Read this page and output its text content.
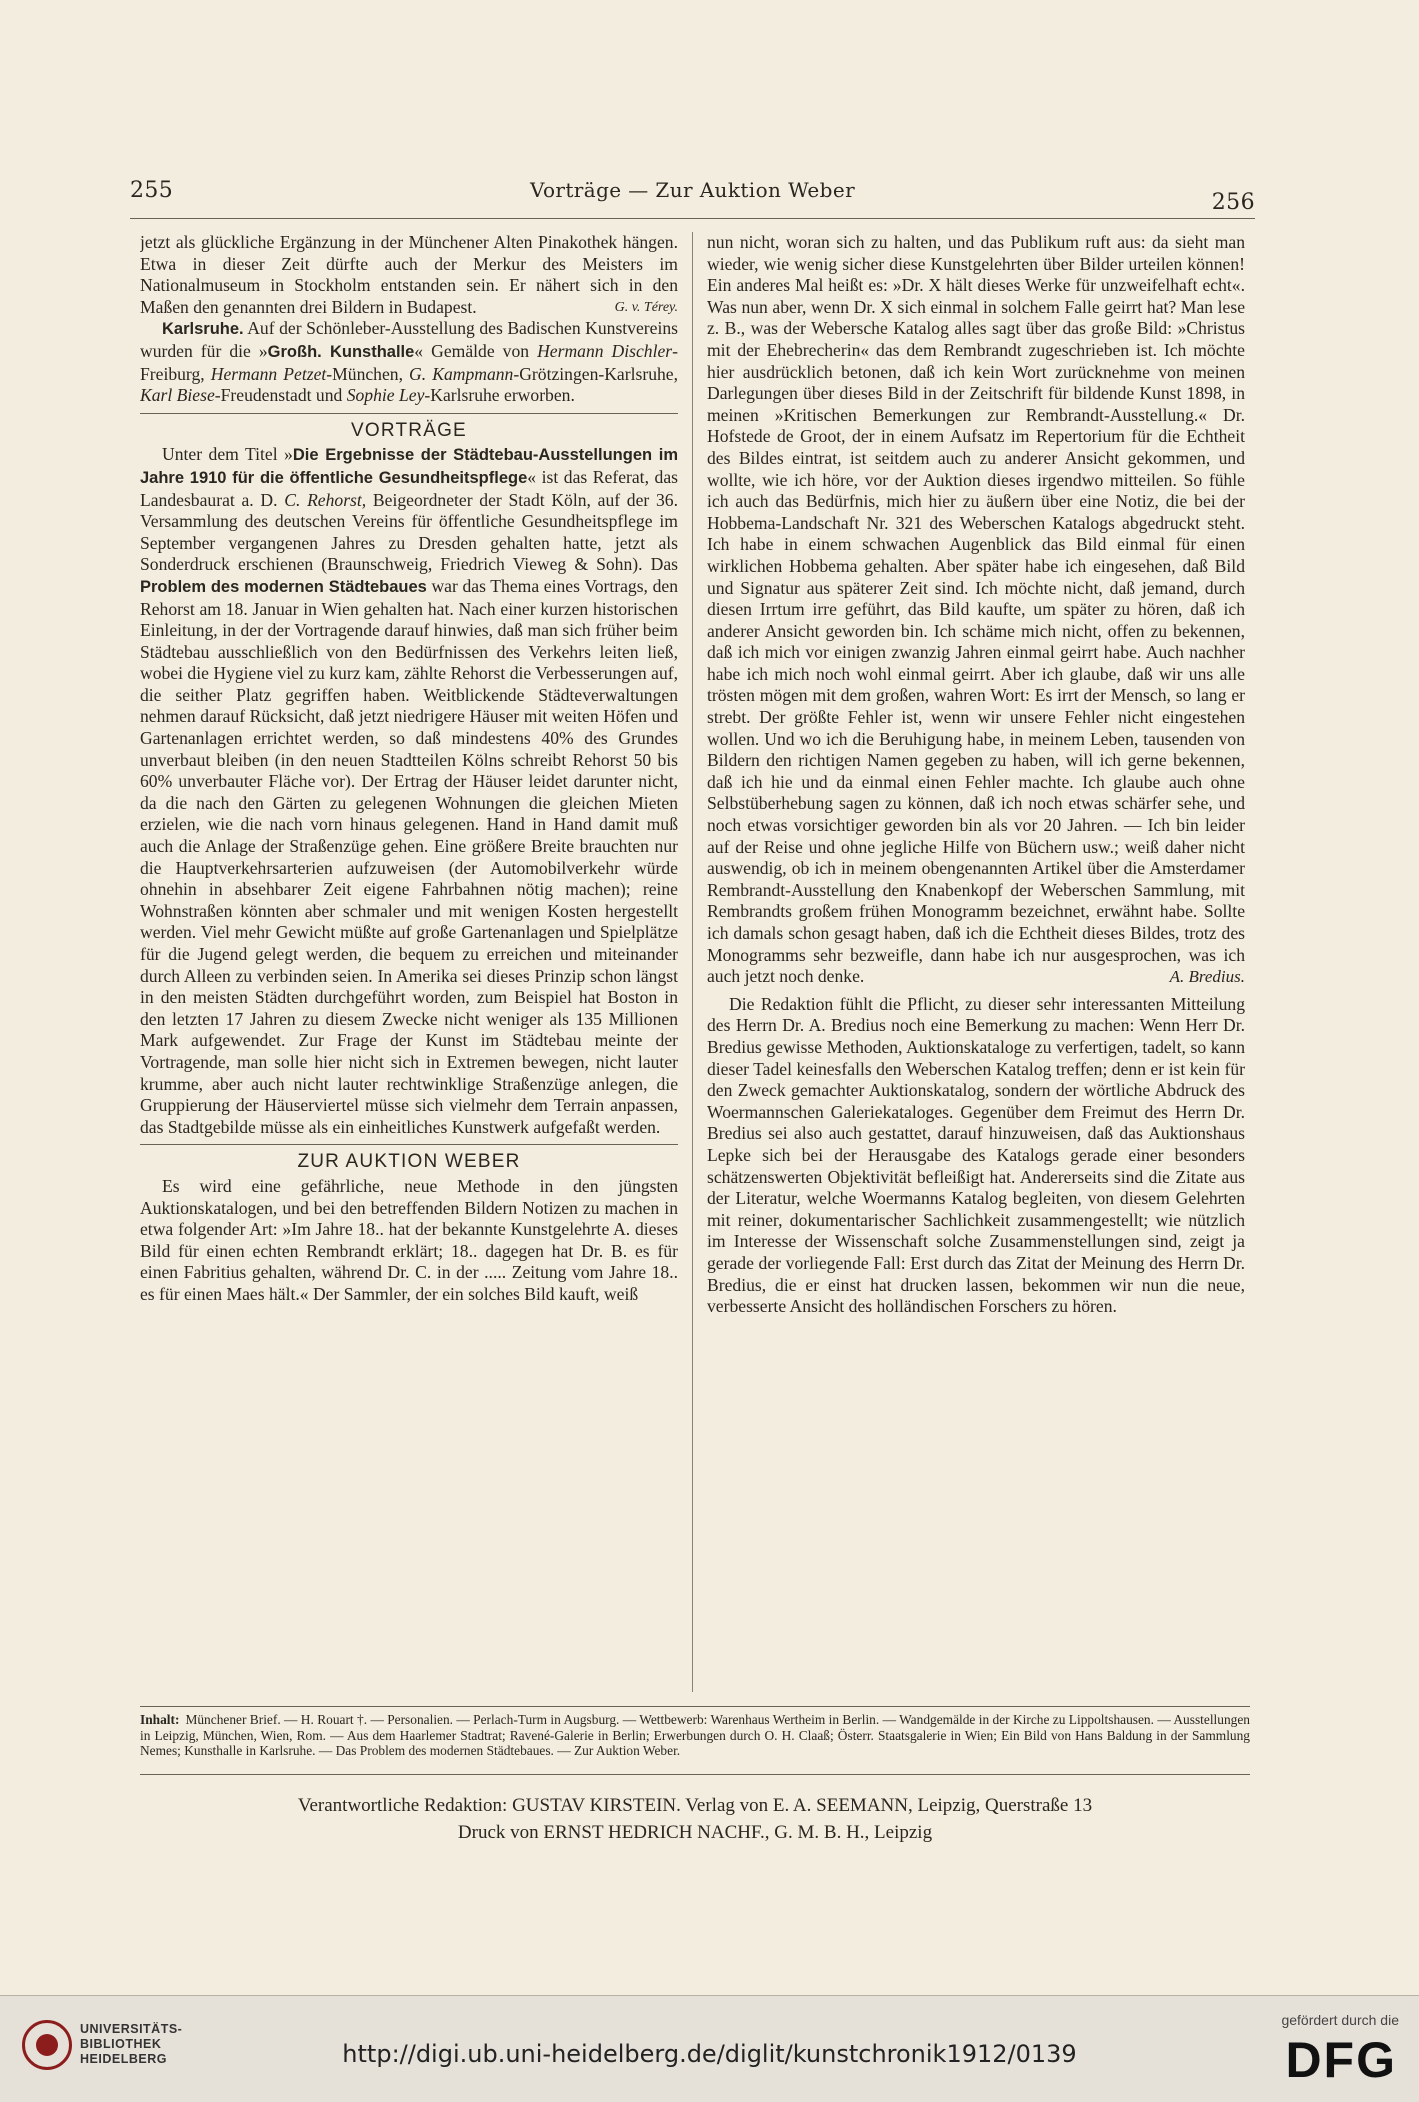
255	Vorträge — Zur Auktion Weber	256

jetzt als glückliche Ergänzung in der Münchener Alten Pinakothek hängen. Etwa in dieser Zeit dürfte auch der Merkur des Meisters im Nationalmuseum in Stockholm entstanden sein. Er nähert sich in den Maßen den genannten drei Bildern in Budapest.	G. v. Térey.

Karlsruhe. Auf der Schönleber-Ausstellung des Badischen Kunstvereins wurden für die »Großh. Kunsthalle« Gemälde von Hermann Dischler-Freiburg, Hermann Petzet-München, G. Kampmann-Grötzingen-Karlsruhe, Karl Biese-Freudenstadt und Sophie Ley-Karlsruhe erworben.

VORTRÄGE

Unter dem Titel »Die Ergebnisse der Städtebau-Ausstellungen im Jahre 1910 für die öffentliche Gesundheitspflege« ist das Referat, das Landesbaurat a. D. C. Rehorst, Beigeordneter der Stadt Köln, auf der 36. Versammlung des deutschen Vereins für öffentliche Gesundheitspflege im September vergangenen Jahres zu Dresden gehalten hatte, jetzt als Sonderdruck erschienen (Braunschweig, Friedrich Vieweg & Sohn). Das Problem des modernen Städtebaues war das Thema eines Vortrags, den Rehorst am 18. Januar in Wien gehalten hat. Nach einer kurzen historischen Einleitung, in der der Vortragende darauf hinwies, daß man sich früher beim Städtebau ausschließlich von den Bedürfnissen des Verkehrs leiten ließ, wobei die Hygiene viel zu kurz kam, zählte Rehorst die Verbesserungen auf, die seither Platz gegriffen haben. Weitblickende Städteverwaltungen nehmen darauf Rücksicht, daß jetzt niedrigere Häuser mit weiten Höfen und Gartenanlagen errichtet werden, so daß mindestens 40% des Grundes unverbaut bleiben (in den neuen Stadtteilen Kölns schreibt Rehorst 50 bis 60% unverbauter Fläche vor). Der Ertrag der Häuser leidet darunter nicht, da die nach den Gärten zu gelegenen Wohnungen die gleichen Mieten erzielen, wie die nach vorn hinaus gelegenen. Hand in Hand damit muß auch die Anlage der Straßenzüge gehen. Eine größere Breite brauchten nur die Hauptverkehrsarterien aufzuweisen (der Automobilverkehr würde ohnehin in absehbarer Zeit eigene Fahrbahnen nötig machen); reine Wohnstraßen könnten aber schmaler und mit wenigen Kosten hergestellt werden. Viel mehr Gewicht müßte auf große Gartenanlagen und Spielplätze für die Jugend gelegt werden, die bequem zu erreichen und miteinander durch Alleen zu verbinden seien. In Amerika sei dieses Prinzip schon längst in den meisten Städten durchgeführt worden, zum Beispiel hat Boston in den letzten 17 Jahren zu diesem Zwecke nicht weniger als 135 Millionen Mark aufgewendet. Zur Frage der Kunst im Städtebau meinte der Vortragende, man solle hier nicht sich in Extremen bewegen, nicht lauter krumme, aber auch nicht lauter rechtwinklige Straßenzüge anlegen, die Gruppierung der Häuserviertel müsse sich vielmehr dem Terrain anpassen, das Stadtgebilde müsse als ein einheitliches Kunstwerk aufgefaßt werden.

ZUR AUKTION WEBER

Es wird eine gefährliche, neue Methode in den jüngsten Auktionskatalogen, und bei den betreffenden Bildern Notizen zu machen in etwa folgender Art: »Im Jahre 18.. hat der bekannte Kunstgelehrte A. dieses Bild für einen echten Rembrandt erklärt; 18.. dagegen hat Dr. B. es für einen Fabritius gehalten, während Dr. C. in der ..... Zeitung vom Jahre 18.. es für einen Maes hält.« Der Sammler, der ein solches Bild kauft, weiß

nun nicht, woran sich zu halten, und das Publikum ruft aus: da sieht man wieder, wie wenig sicher diese Kunstgelehrten über Bilder urteilen können! Ein anderes Mal heißt es: »Dr. X hält dieses Werke für unzweifelhaft echt«. Was nun aber, wenn Dr. X sich einmal in solchem Falle geirrt hat? Man lese z. B., was der Webersche Katalog alles sagt über das große Bild: »Christus mit der Ehebrecherin« das dem Rembrandt zugeschrieben ist. Ich möchte hier ausdrücklich betonen, daß ich kein Wort zurücknehme von meinen Darlegungen über dieses Bild in der Zeitschrift für bildende Kunst 1898, in meinen »Kritischen Bemerkungen zur Rembrandt-Ausstellung.« Dr. Hofstede de Groot, der in einem Aufsatz im Repertorium für die Echtheit des Bildes eintrat, ist seitdem auch zu anderer Ansicht gekommen, und wollte, wie ich höre, vor der Auktion dieses irgendwo mitteilen. So fühle ich auch das Bedürfnis, mich hier zu äußern über eine Notiz, die bei der Hobbema-Landschaft Nr. 321 des Weberschen Katalogs abgedruckt steht. Ich habe in einem schwachen Augenblick das Bild einmal für einen wirklichen Hobbema gehalten. Aber später habe ich eingesehen, daß Bild und Signatur aus späterer Zeit sind. Ich möchte nicht, daß jemand, durch diesen Irrtum irre geführt, das Bild kaufte, um später zu hören, daß ich anderer Ansicht geworden bin. Ich schäme mich nicht, offen zu bekennen, daß ich mich vor einigen zwanzig Jahren einmal geirrt habe. Auch nachher habe ich mich noch wohl einmal geirrt. Aber ich glaube, daß wir uns alle trösten mögen mit dem großen, wahren Wort: Es irrt der Mensch, so lang er strebt. Der größte Fehler ist, wenn wir unsere Fehler nicht eingestehen wollen. Und wo ich die Beruhigung habe, in meinem Leben, tausenden von Bildern den richtigen Namen gegeben zu haben, will ich gerne bekennen, daß ich hie und da einmal einen Fehler machte. Ich glaube auch ohne Selbstüberhebung sagen zu können, daß ich noch etwas schärfer sehe, und noch etwas vorsichtiger geworden bin als vor 20 Jahren. — Ich bin leider auf der Reise und ohne jegliche Hilfe von Büchern usw.; weiß daher nicht auswendig, ob ich in meinem obengenannten Artikel über die Amsterdamer Rembrandt-Ausstellung den Knabenkopf der Weberschen Sammlung, mit Rembrandts großem frühen Monogramm bezeichnet, erwähnt habe. Sollte ich damals schon gesagt haben, daß ich die Echtheit dieses Bildes, trotz des Monogramms sehr bezweifle, dann habe ich nur ausgesprochen, was ich auch jetzt noch denke.	A. Bredius.

Die Redaktion fühlt die Pflicht, zu dieser sehr interessanten Mitteilung des Herrn Dr. A. Bredius noch eine Bemerkung zu machen: Wenn Herr Dr. Bredius gewisse Methoden, Auktionskataloge zu verfertigen, tadelt, so kann dieser Tadel keinesfalls den Weberschen Katalog treffen; denn er ist kein für den Zweck gemachter Auktionskatalog, sondern der wörtliche Abdruck des Woermannschen Galeriekataloges. Gegenüber dem Freimut des Herrn Dr. Bredius sei also auch gestattet, darauf hinzuweisen, daß das Auktionshaus Lepke sich bei der Herausgabe des Katalogs gerade einer besonders schätzenswerten Objektivität befleißigt hat. Andererseits sind die Zitate aus der Literatur, welche Woermanns Katalog begleiten, von diesem Gelehrten mit reiner, dokumentarischer Sachlichkeit zusammengestellt; wie nützlich im Interesse der Wissenschaft solche Zusammenstellungen sind, zeigt ja gerade der vorliegende Fall: Erst durch das Zitat der Meinung des Herrn Dr. Bredius, die er einst hat drucken lassen, bekommen wir nun die neue, verbesserte Ansicht des holländischen Forschers zu hören.

Inhalt: Münchener Brief. — H. Rouart †. — Personalien. — Perlach-Turm in Augsburg. — Wettbewerb: Warenhaus Wertheim in Berlin. — Wandgemälde in der Kirche zu Lippoltshausen. — Ausstellungen in Leipzig, München, Wien, Rom. — Aus dem Haarlemer Stadtrat; Ravené-Galerie in Berlin; Erwerbungen durch O. H. Claaß; Österr. Staatsgalerie in Wien; Ein Bild von Hans Baldung in der Sammlung Nemes; Kunsthalle in Karlsruhe. — Das Problem des modernen Städtebaues. — Zur Auktion Weber.
Verantwortliche Redaktion: GUSTAV KIRSTEIN. Verlag von E. A. SEEMANN, Leipzig, Querstraße 13
Druck von ERNST HEDRICH NACHF., G. M. B. H., Leipzig
UNIVERSITÄTS-
BIBLIOTHEK
HEIDELBERG	http://digi.ub.uni-heidelberg.de/diglit/kunstchronik1912/0139
gefördert durch die
DFG
